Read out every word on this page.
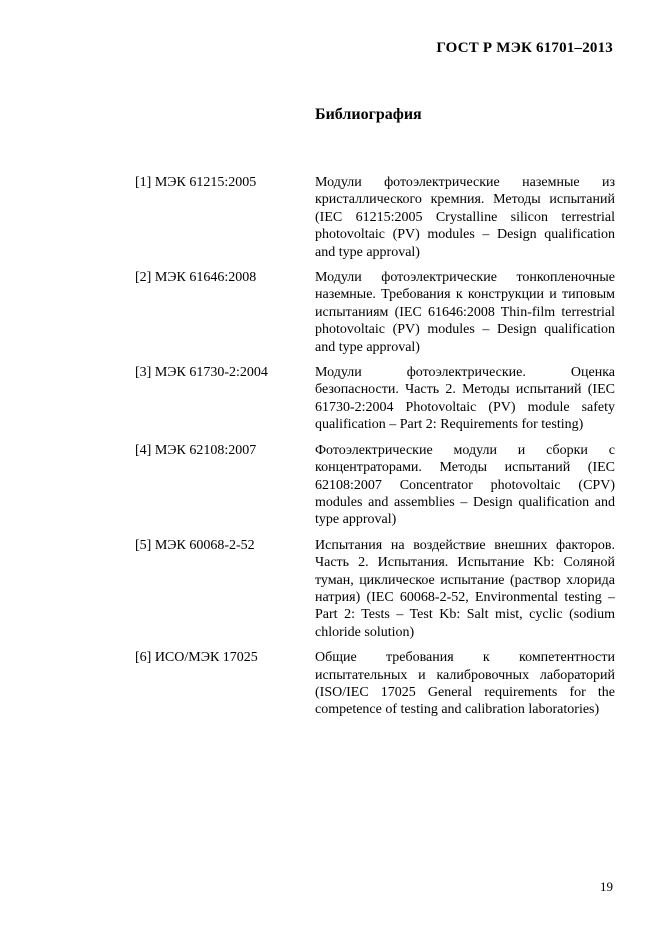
ГОСТ Р МЭК 61701–2013
Библиография
[1] МЭК 61215:2005	Модули фотоэлектрические наземные из кристаллического кремния. Методы испытаний (IEC 61215:2005 Crystalline silicon terrestrial photovoltaic (PV) modules – Design qualification and type approval)
[2] МЭК 61646:2008	Модули фотоэлектрические тонкопленочные наземные. Требования к конструкции и типовым испытаниям (IEC 61646:2008 Thin-film terrestrial photovoltaic (PV) modules – Design qualification and type approval)
[3] МЭК 61730-2:2004	Модули фотоэлектрические. Оценка безопасности. Часть 2. Методы испытаний (IEC 61730-2:2004 Photovoltaic (PV) module safety qualification – Part 2: Requirements for testing)
[4] МЭК 62108:2007	Фотоэлектрические модули и сборки с концентраторами. Методы испытаний (IEC 62108:2007 Concentrator photovoltaic (CPV) modules and assemblies – Design qualification and type approval)
[5] МЭК 60068-2-52	Испытания на воздействие внешних факторов. Часть 2. Испытания. Испытание Kb: Соляной туман, циклическое испытание (раствор хлорида натрия) (IEC 60068-2-52, Environmental testing – Part 2: Tests – Test Kb: Salt mist, cyclic (sodium chloride solution)
[6] ИСО/МЭК 17025	Общие требования к компетентности испытательных и калибровочных лабораторий (ISO/IEC 17025 General requirements for the competence of testing and calibration laboratories)
19
